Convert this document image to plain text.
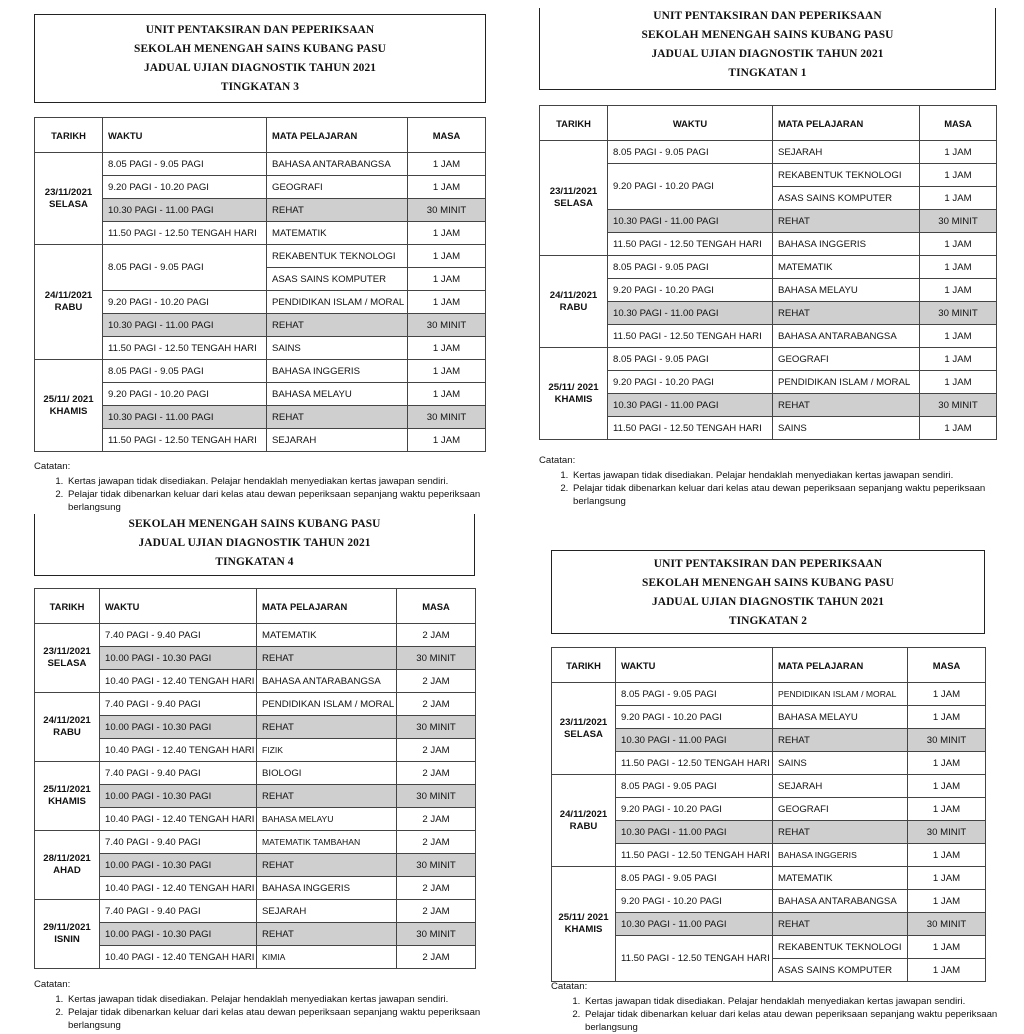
UNIT PENTAKSIRAN DAN PEPERIKSAAN
SEKOLAH MENENGAH SAINS KUBANG PASU
JADUAL UJIAN DIAGNOSTIK TAHUN 2021
TINGKATAN 3
TARIKH	WAKTU	MATA PELAJARAN	MASA
23/11/2021
SELASA	8.05 PAGI - 9.05 PAGI	BAHASA ANTARABANGSA	1 JAM
	9.20 PAGI - 10.20 PAGI	GEOGRAFI	1 JAM
	10.30 PAGI - 11.00 PAGI	REHAT	30 MINIT
	11.50 PAGI - 12.50 TENGAH HARI	MATEMATIK	1 JAM
24/11/2021
RABU	8.05 PAGI - 9.05 PAGI	REKABENTUK TEKNOLOGI	1 JAM
		ASAS SAINS KOMPUTER	1 JAM
	9.20 PAGI - 10.20 PAGI	PENDIDIKAN ISLAM / MORAL	1 JAM
	10.30 PAGI - 11.00 PAGI	REHAT	30 MINIT
	11.50 PAGI - 12.50 TENGAH HARI	SAINS	1 JAM
25/11/ 2021
KHAMIS	8.05 PAGI - 9.05 PAGI	BAHASA INGGERIS	1 JAM
	9.20 PAGI - 10.20 PAGI	BAHASA MELAYU	1 JAM
	10.30 PAGI - 11.00 PAGI	REHAT	30 MINIT
	11.50 PAGI - 12.50 TENGAH HARI	SEJARAH	1 JAM
Catatan:
1. Kertas jawapan tidak disediakan. Pelajar hendaklah menyediakan kertas jawapan sendiri.
2. Pelajar tidak dibenarkan keluar dari kelas atau dewan peperiksaan sepanjang waktu peperiksaan berlangsung
UNIT PENTAKSIRAN DAN PEPERIKSAAN
SEKOLAH MENENGAH SAINS KUBANG PASU
JADUAL UJIAN DIAGNOSTIK TAHUN 2021
TINGKATAN 1
TARIKH	WAKTU	MATA PELAJARAN	MASA
23/11/2021
SELASA	8.05 PAGI - 9.05 PAGI	SEJARAH	1 JAM
	9.20 PAGI - 10.20 PAGI	REKABENTUK TEKNOLOGI	1 JAM
		ASAS SAINS KOMPUTER	1 JAM
	10.30 PAGI - 11.00 PAGI	REHAT	30 MINIT
	11.50 PAGI - 12.50 TENGAH HARI	BAHASA INGGERIS	1 JAM
24/11/2021
RABU	8.05 PAGI - 9.05 PAGI	MATEMATIK	1 JAM
	9.20 PAGI - 10.20 PAGI	BAHASA MELAYU	1 JAM
	10.30 PAGI - 11.00 PAGI	REHAT	30 MINIT
	11.50 PAGI - 12.50 TENGAH HARI	BAHASA ANTARABANGSA	1 JAM
25/11/ 2021
KHAMIS	8.05 PAGI - 9.05 PAGI	GEOGRAFI	1 JAM
	9.20 PAGI - 10.20 PAGI	PENDIDIKAN ISLAM / MORAL	1 JAM
	10.30 PAGI - 11.00 PAGI	REHAT	30 MINIT
	11.50 PAGI - 12.50 TENGAH HARI	SAINS	1 JAM
Catatan:
1. Kertas jawapan tidak disediakan. Pelajar hendaklah menyediakan kertas jawapan sendiri.
2. Pelajar tidak dibenarkan keluar dari kelas atau dewan peperiksaan sepanjang waktu peperiksaan berlangsung
SEKOLAH MENENGAH SAINS KUBANG PASU
JADUAL UJIAN DIAGNOSTIK TAHUN 2021
TINGKATAN 4
TARIKH	WAKTU	MATA PELAJARAN	MASA
23/11/2021
SELASA	7.40 PAGI - 9.40 PAGI	MATEMATIK	2 JAM
	10.00 PAGI - 10.30 PAGI	REHAT	30 MINIT
	10.40 PAGI - 12.40 TENGAH HARI	BAHASA ANTARABANGSA	2 JAM
24/11/2021
RABU	7.40 PAGI - 9.40 PAGI	PENDIDIKAN ISLAM / MORAL	2 JAM
	10.00 PAGI - 10.30 PAGI	REHAT	30 MINIT
	10.40 PAGI - 12.40 TENGAH HARI	FIZIK	2 JAM
25/11/2021
KHAMIS	7.40 PAGI - 9.40 PAGI	BIOLOGI	2 JAM
	10.00 PAGI - 10.30 PAGI	REHAT	30 MINIT
	10.40 PAGI - 12.40 TENGAH HARI	BAHASA MELAYU	2 JAM
28/11/2021
AHAD	7.40 PAGI - 9.40 PAGI	MATEMATIK TAMBAHAN	2 JAM
	10.00 PAGI - 10.30 PAGI	REHAT	30 MINIT
	10.40 PAGI - 12.40 TENGAH HARI	BAHASA INGGERIS	2 JAM
29/11/2021
ISNIN	7.40 PAGI - 9.40 PAGI	SEJARAH	2 JAM
	10.00 PAGI - 10.30 PAGI	REHAT	30 MINIT
	10.40 PAGI - 12.40 TENGAH HARI	KIMIA	2 JAM
Catatan:
1. Kertas jawapan tidak disediakan. Pelajar hendaklah menyediakan kertas jawapan sendiri.
2. Pelajar tidak dibenarkan keluar dari kelas atau dewan peperiksaan sepanjang waktu peperiksaan berlangsung
UNIT PENTAKSIRAN DAN PEPERIKSAAN
SEKOLAH MENENGAH SAINS KUBANG PASU
JADUAL UJIAN DIAGNOSTIK TAHUN 2021
TINGKATAN 2
TARIKH	WAKTU	MATA PELAJARAN	MASA
23/11/2021
SELASA	8.05 PAGI - 9.05 PAGI	PENDIDIKAN ISLAM / MORAL	1 JAM
	9.20 PAGI - 10.20 PAGI	BAHASA MELAYU	1 JAM
	10.30 PAGI - 11.00 PAGI	REHAT	30 MINIT
	11.50 PAGI - 12.50 TENGAH HARI	SAINS	1 JAM
24/11/2021
RABU	8.05 PAGI - 9.05 PAGI	SEJARAH	1 JAM
	9.20 PAGI - 10.20 PAGI	GEOGRAFI	1 JAM
	10.30 PAGI - 11.00 PAGI	REHAT	30 MINIT
	11.50 PAGI - 12.50 TENGAH HARI	BAHASA INGGERIS	1 JAM
25/11/ 2021
KHAMIS	8.05 PAGI - 9.05 PAGI	MATEMATIK	1 JAM
	9.20 PAGI - 10.20 PAGI	BAHASA ANTARABANGSA	1 JAM
	10.30 PAGI - 11.00 PAGI	REHAT	30 MINIT
	11.50 PAGI - 12.50 TENGAH HARI	REKABENTUK TEKNOLOGI	1 JAM
		ASAS SAINS KOMPUTER	1 JAM
Catatan:
1. Kertas jawapan tidak disediakan. Pelajar hendaklah menyediakan kertas jawapan sendiri.
2. Pelajar tidak dibenarkan keluar dari kelas atau dewan peperiksaan sepanjang waktu peperiksaan berlangsung
